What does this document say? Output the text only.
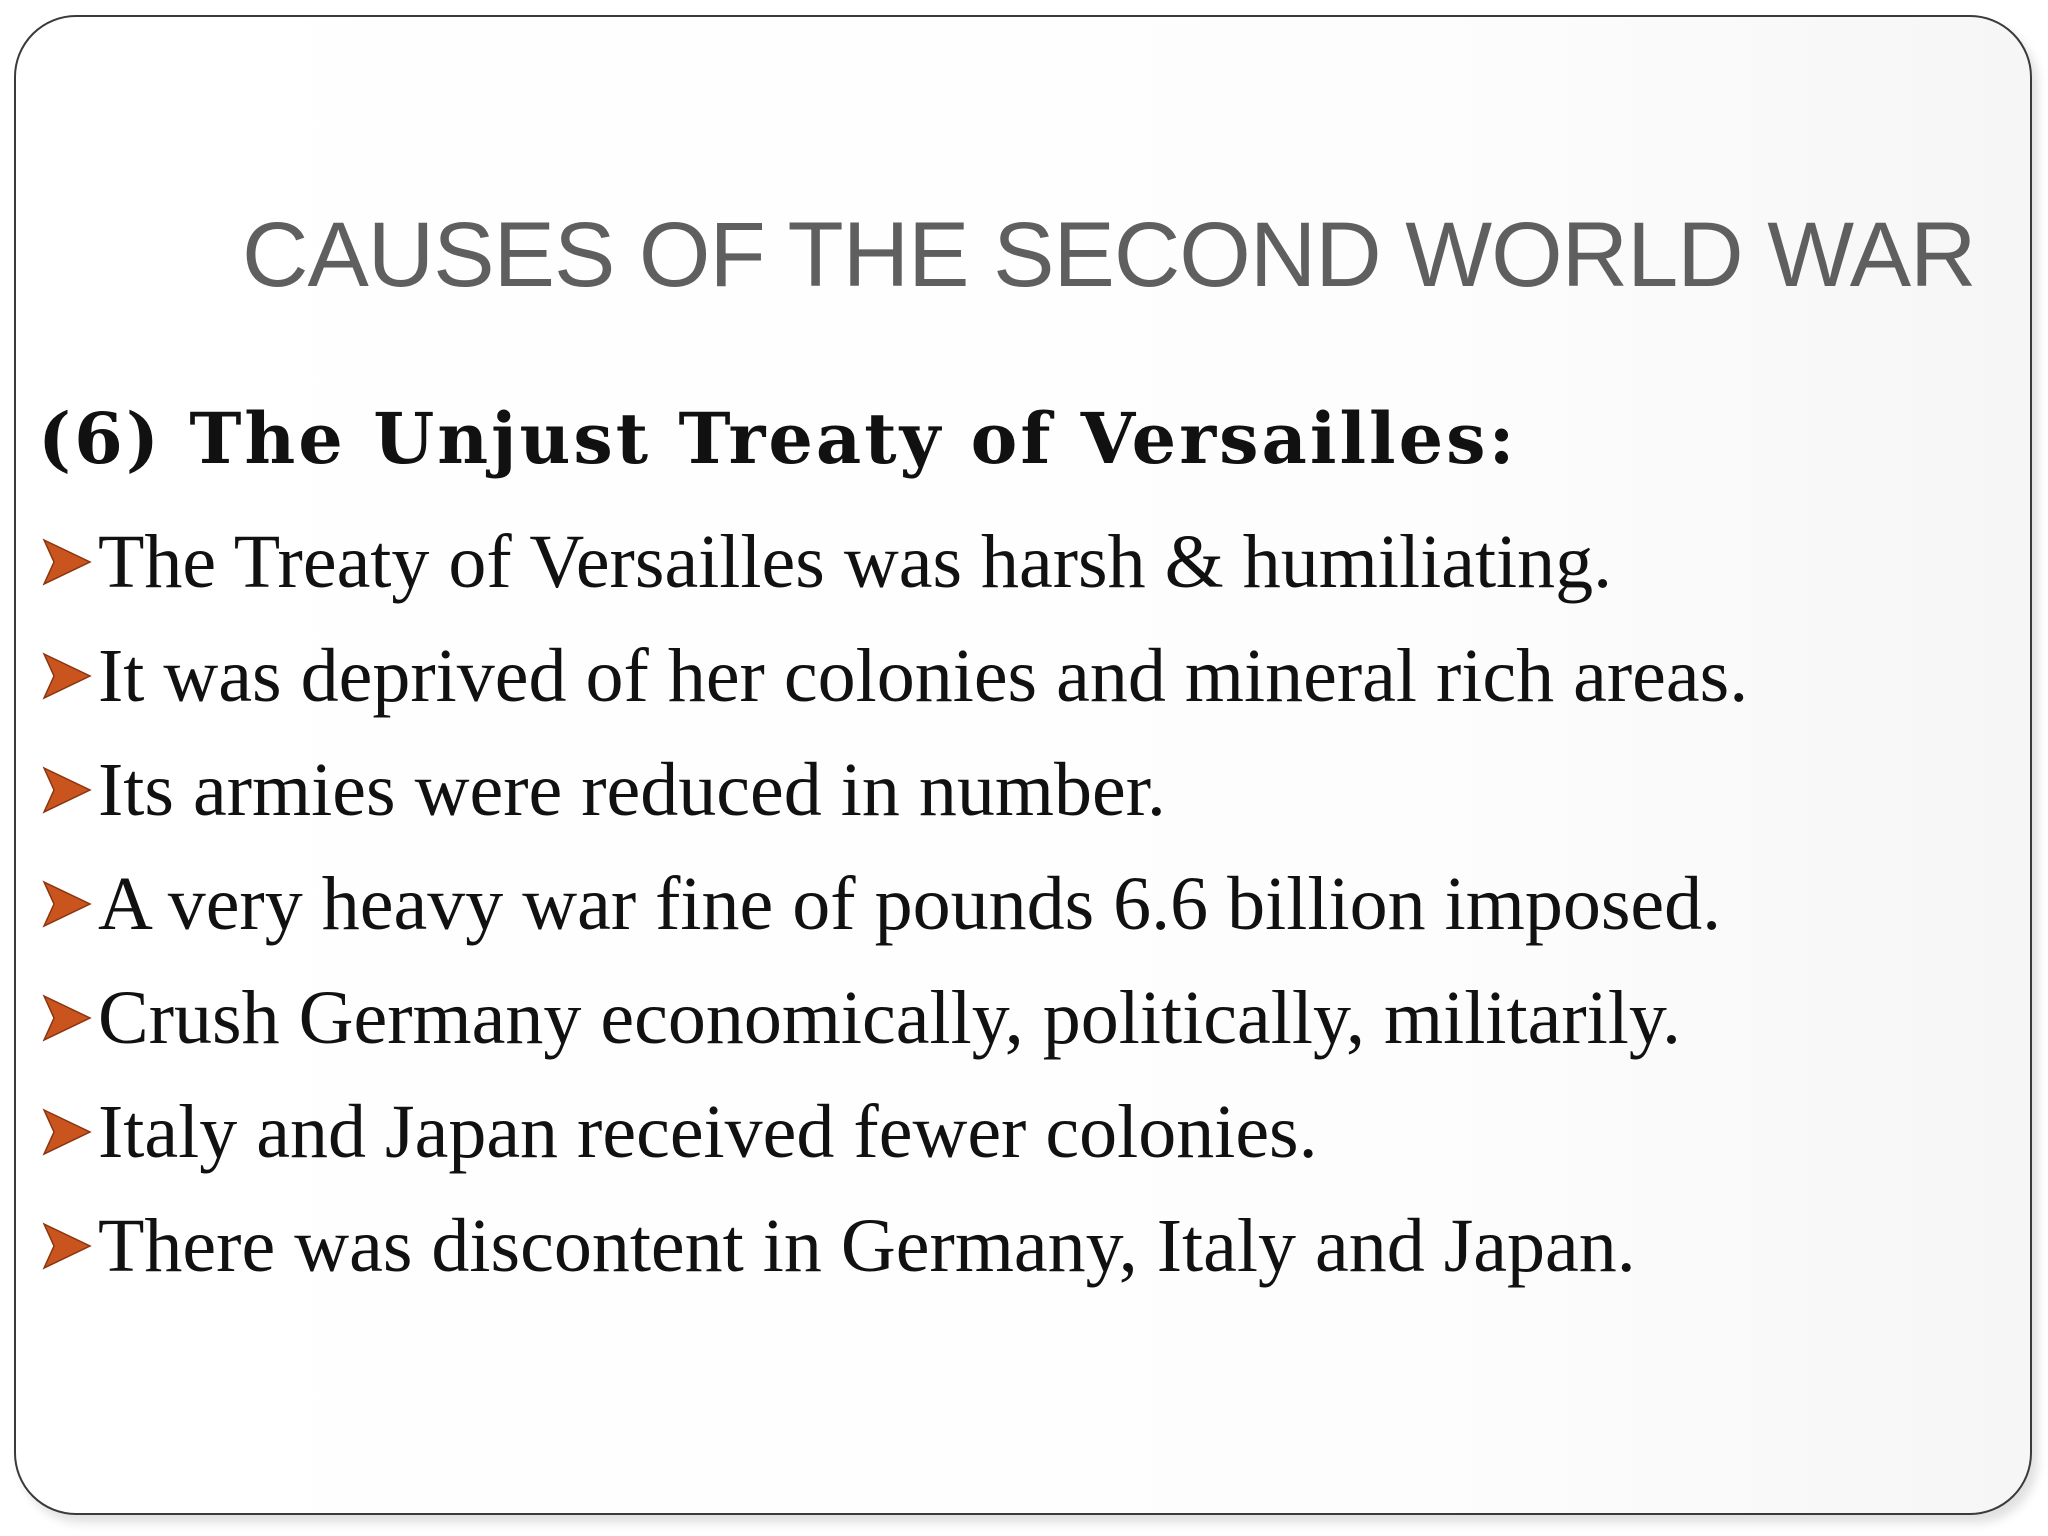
CAUSES OF THE SECOND WORLD WAR
(6) The Unjust Treaty of Versailles:
The Treaty of Versailles was harsh & humiliating.
It was deprived of her colonies and mineral rich areas.
Its armies were reduced in number.
A very heavy war fine of pounds 6.6 billion imposed.
Crush Germany economically, politically, militarily.
Italy and Japan received fewer colonies.
There was discontent in Germany, Italy and Japan.
